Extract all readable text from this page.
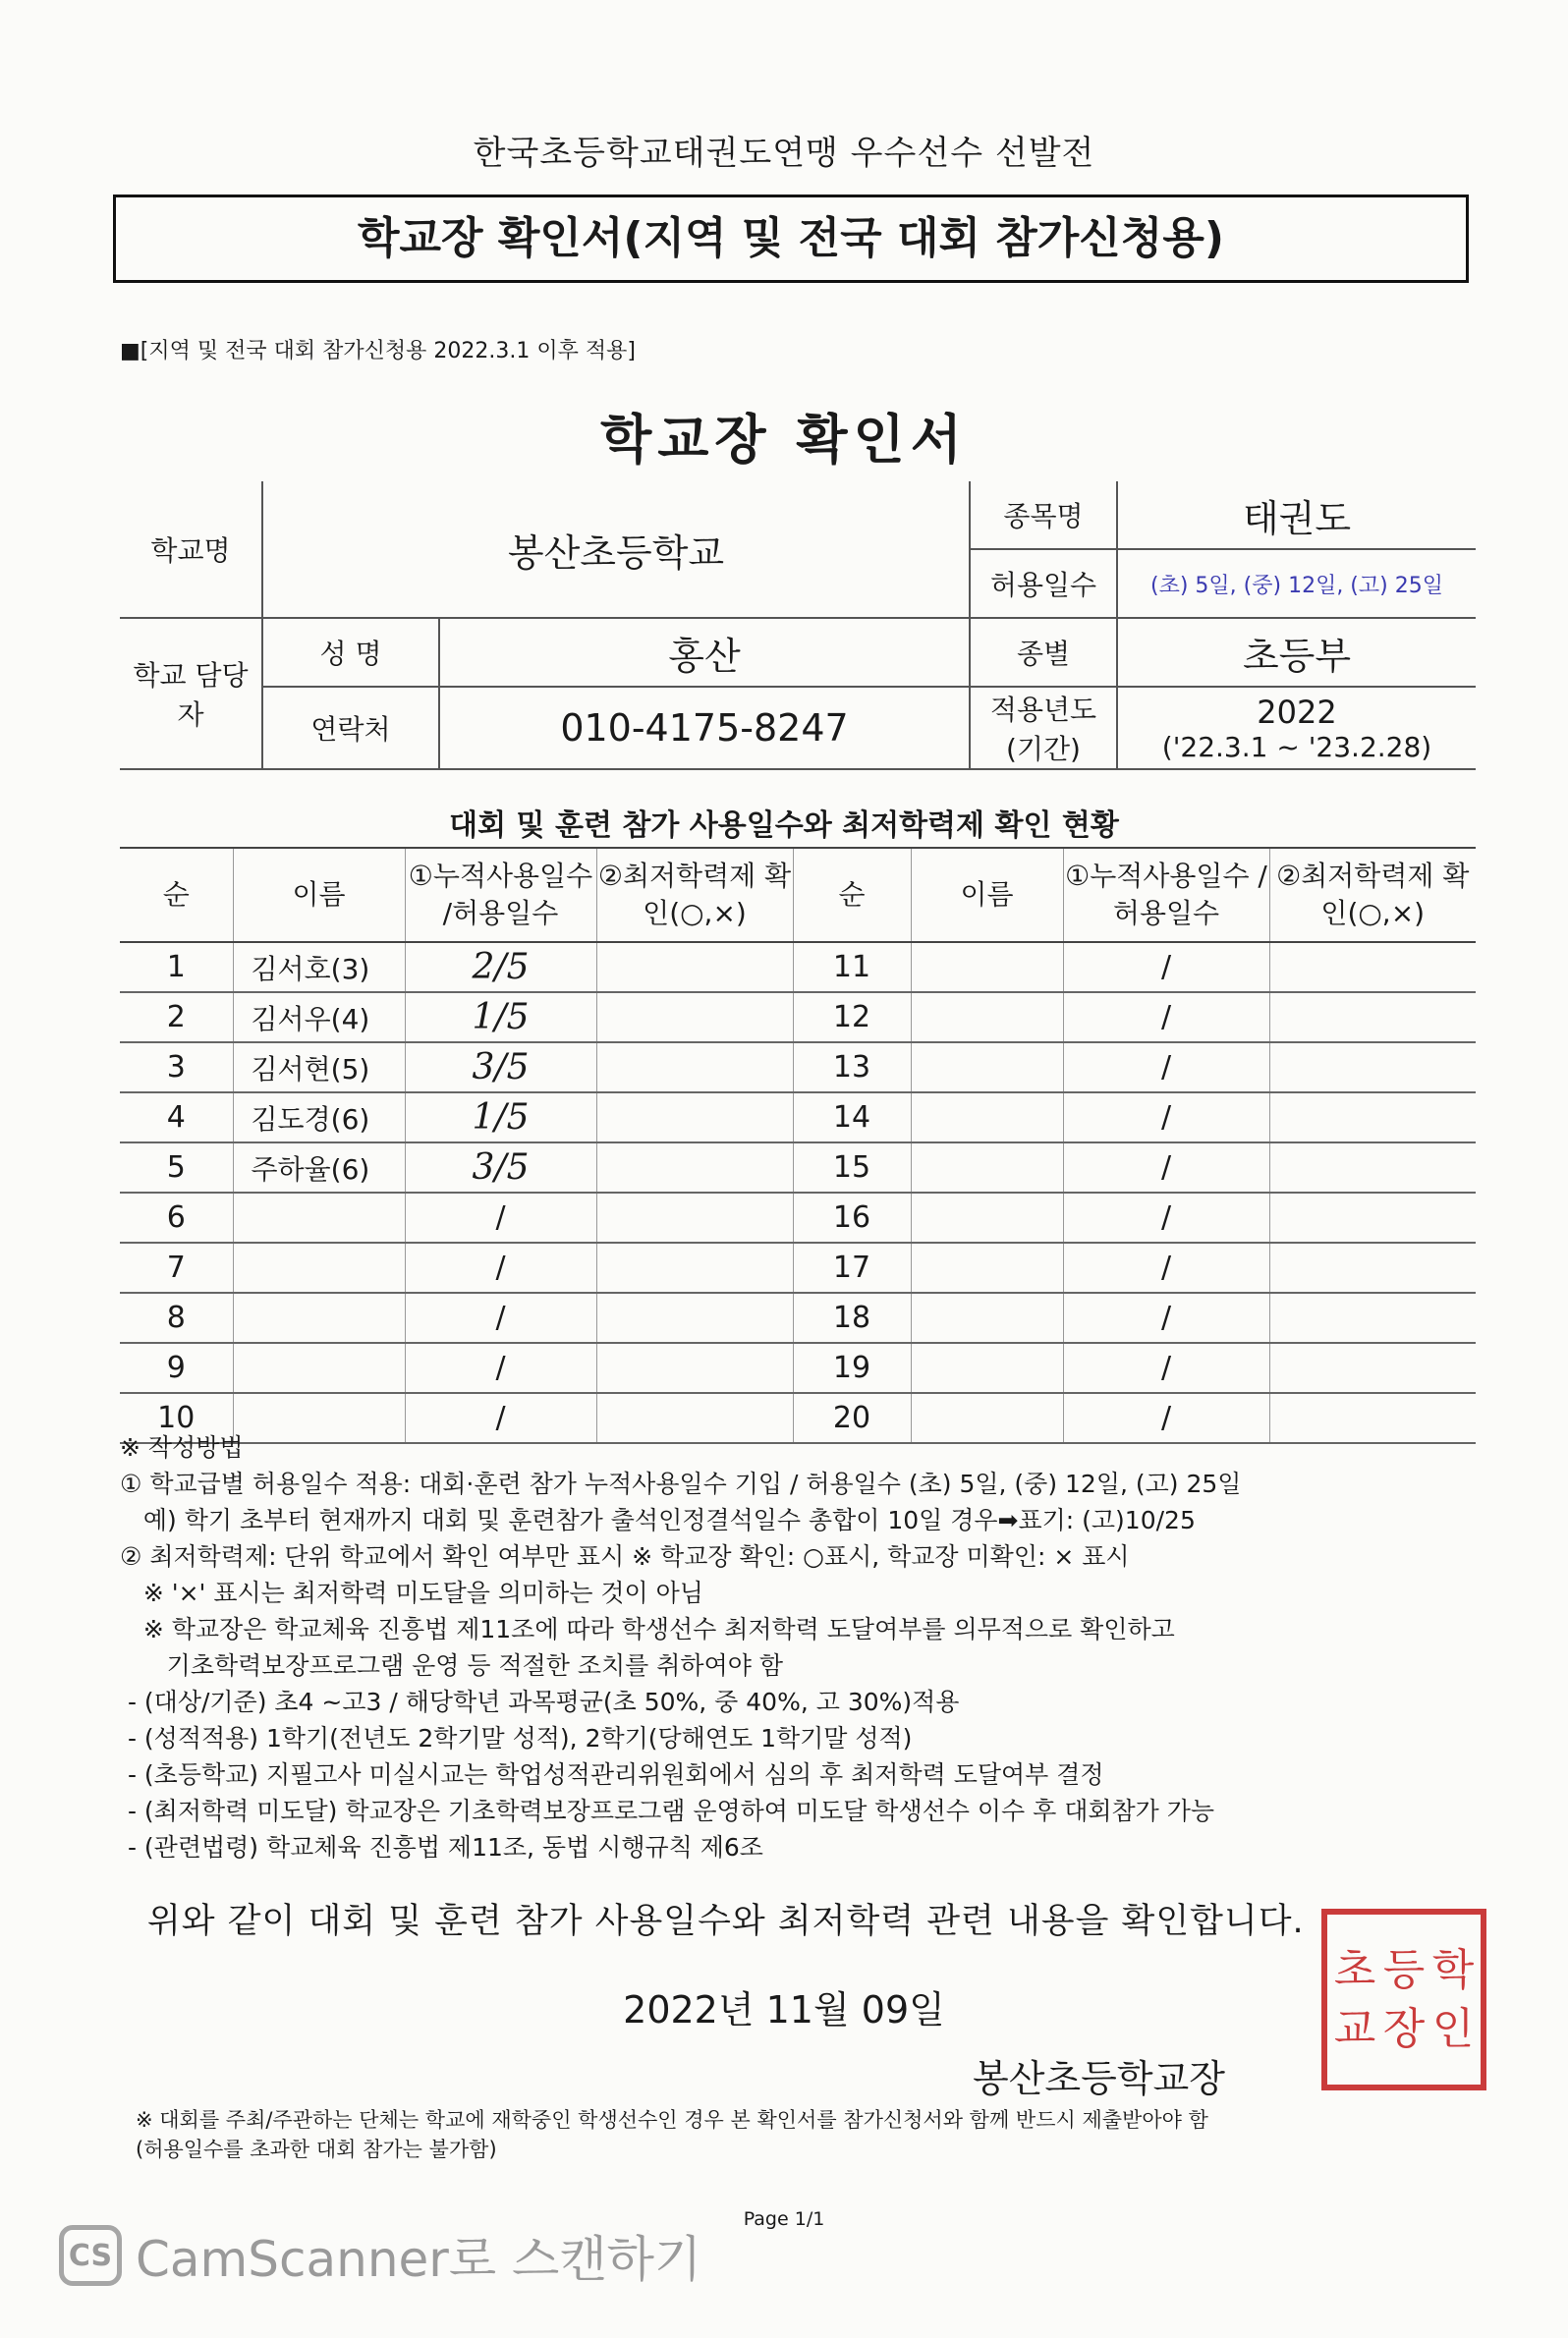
한국초등학교태권도연맹 우수선수 선발전
학교장 확인서(지역 및 전국 대회 참가신청용)
■[지역 및 전국 대회 참가신청용 2022.3.1 이후 적용]
학교장 확인서
학교명	봉산초등학교		종목명	태권도
			허용일수	(초) 5일, (중) 12일, (고) 25일
학교 담당자	성 명	홍산	종별	초등부
	연락처	010-4175-8247	적용년도 (기간)	2022
('22.3.1 ~ '23.2.28)
대회 및 훈련 참가 사용일수와 최저학력제 확인 현황
순	이름	①누적사용일수 /허용일수	②최저학력제 확인(○,×)	순	이름	①누적사용일수 /허용일수	②최저학력제 확인(○,×)
1	김서호(3)	2/5		11		/	
2	김서우(4)	1/5		12		/	
3	김서현(5)	3/5		13		/	
4	김도경(6)	1/5		14		/	
5	주하율(6)	3/5		15		/	
6		/		16		/	
7		/		17		/	
8		/		18		/	
9		/		19		/	
10		/		20		/	
※ 작성방법
① 학교급별 허용일수 적용: 대회·훈련 참가 누적사용일수 기입 / 허용일수 (초) 5일, (중) 12일, (고) 25일
예) 학기 초부터 현재까지 대회 및 훈련참가 출석인정결석일수 총합이 10일 경우➡표기: (고)10/25
② 최저학력제: 단위 학교에서 확인 여부만 표시 ※ 학교장 확인: ○표시, 학교장 미확인: × 표시
※ '×' 표시는 최저학력 미도달을 의미하는 것이 아님
※ 학교장은 학교체육 진흥법 제11조에 따라 학생선수 최저학력 도달여부를 의무적으로 확인하고
기초학력보장프로그램 운영 등 적절한 조치를 취하여야 함
- (대상/기준) 초4 ~고3 / 해당학년 과목평균(초 50%, 중 40%, 고 30%)적용
- (성적적용) 1학기(전년도 2학기말 성적), 2학기(당해연도 1학기말 성적)
- (초등학교) 지필고사 미실시교는 학업성적관리위원회에서 심의 후 최저학력 도달여부 결정
- (최저학력 미도달) 학교장은 기초학력보장프로그램 운영하여 미도달 학생선수 이수 후 대회참가 가능
- (관련법령) 학교체육 진흥법 제11조, 동법 시행규칙 제6조
위와 같이 대회 및 훈련 참가 사용일수와 최저학력 관련 내용을 확인합니다.
2022년 11월 09일
봉산초등학교장
초 등 학
교 장 인
※ 대회를 주최/주관하는 단체는 학교에 재학중인 학생선수인 경우 본 확인서를 참가신청서와 함께 반드시 제출받아야 함
(허용일수를 초과한 대회 참가는 불가함)
Page 1/1
CS CamScanner로 스캔하기
